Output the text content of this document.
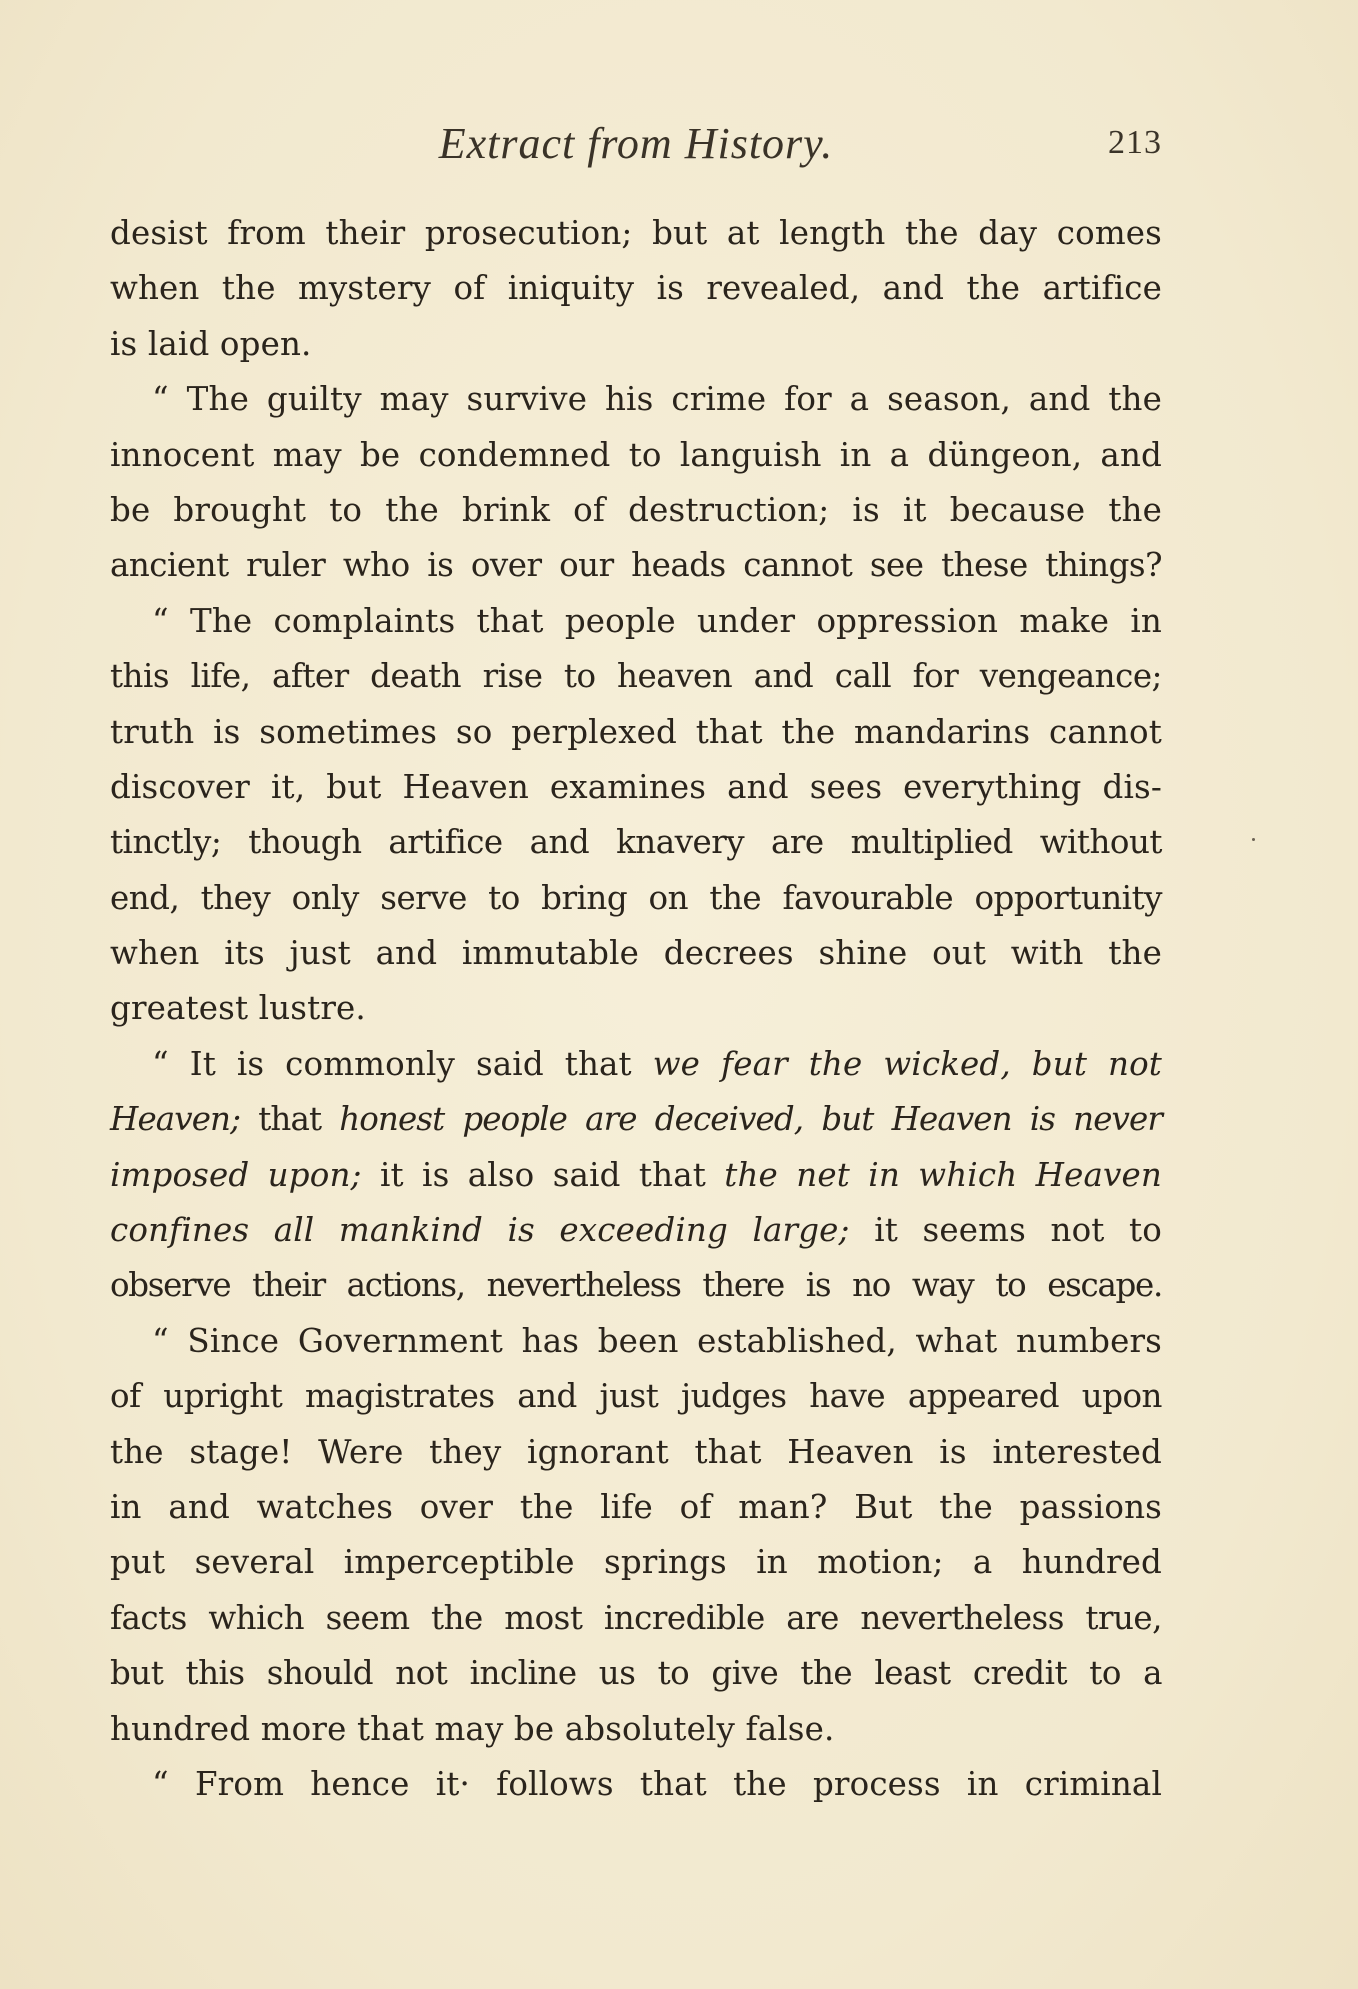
Extract from History.	213
desist from their prosecution; but at length the day comes
when the mystery of iniquity is revealed, and the artifice
is laid open.
“ The guilty may survive his crime for a season, and the
innocent may be condemned to languish in a düngeon, and
be brought to the brink of destruction; is it because the
ancient ruler who is over our heads cannot see these things?
“ The complaints that people under oppression make in
this life, after death rise to heaven and call for vengeance;
truth is sometimes so perplexed that the mandarins cannot
discover it, but Heaven examines and sees everything dis-
tinctly; though artifice and knavery are multiplied without
end, they only serve to bring on the favourable opportunity
when its just and immutable decrees shine out with the
greatest lustre.
“ It is commonly said that we fear the wicked, but not
Heaven; that honest people are deceived, but Heaven is never
imposed upon; it is also said that the net in which Heaven
confines all mankind is exceeding large; it seems not to
observe their actions, nevertheless there is no way to escape.
“ Since Government has been established, what numbers
of upright magistrates and just judges have appeared upon
the stage! Were they ignorant that Heaven is interested
in and watches over the life of man? But the passions
put several imperceptible springs in motion; a hundred
facts which seem the most incredible are nevertheless true,
but this should not incline us to give the least credit to a
hundred more that may be absolutely false.
“ From hence it· follows that the process in criminal
